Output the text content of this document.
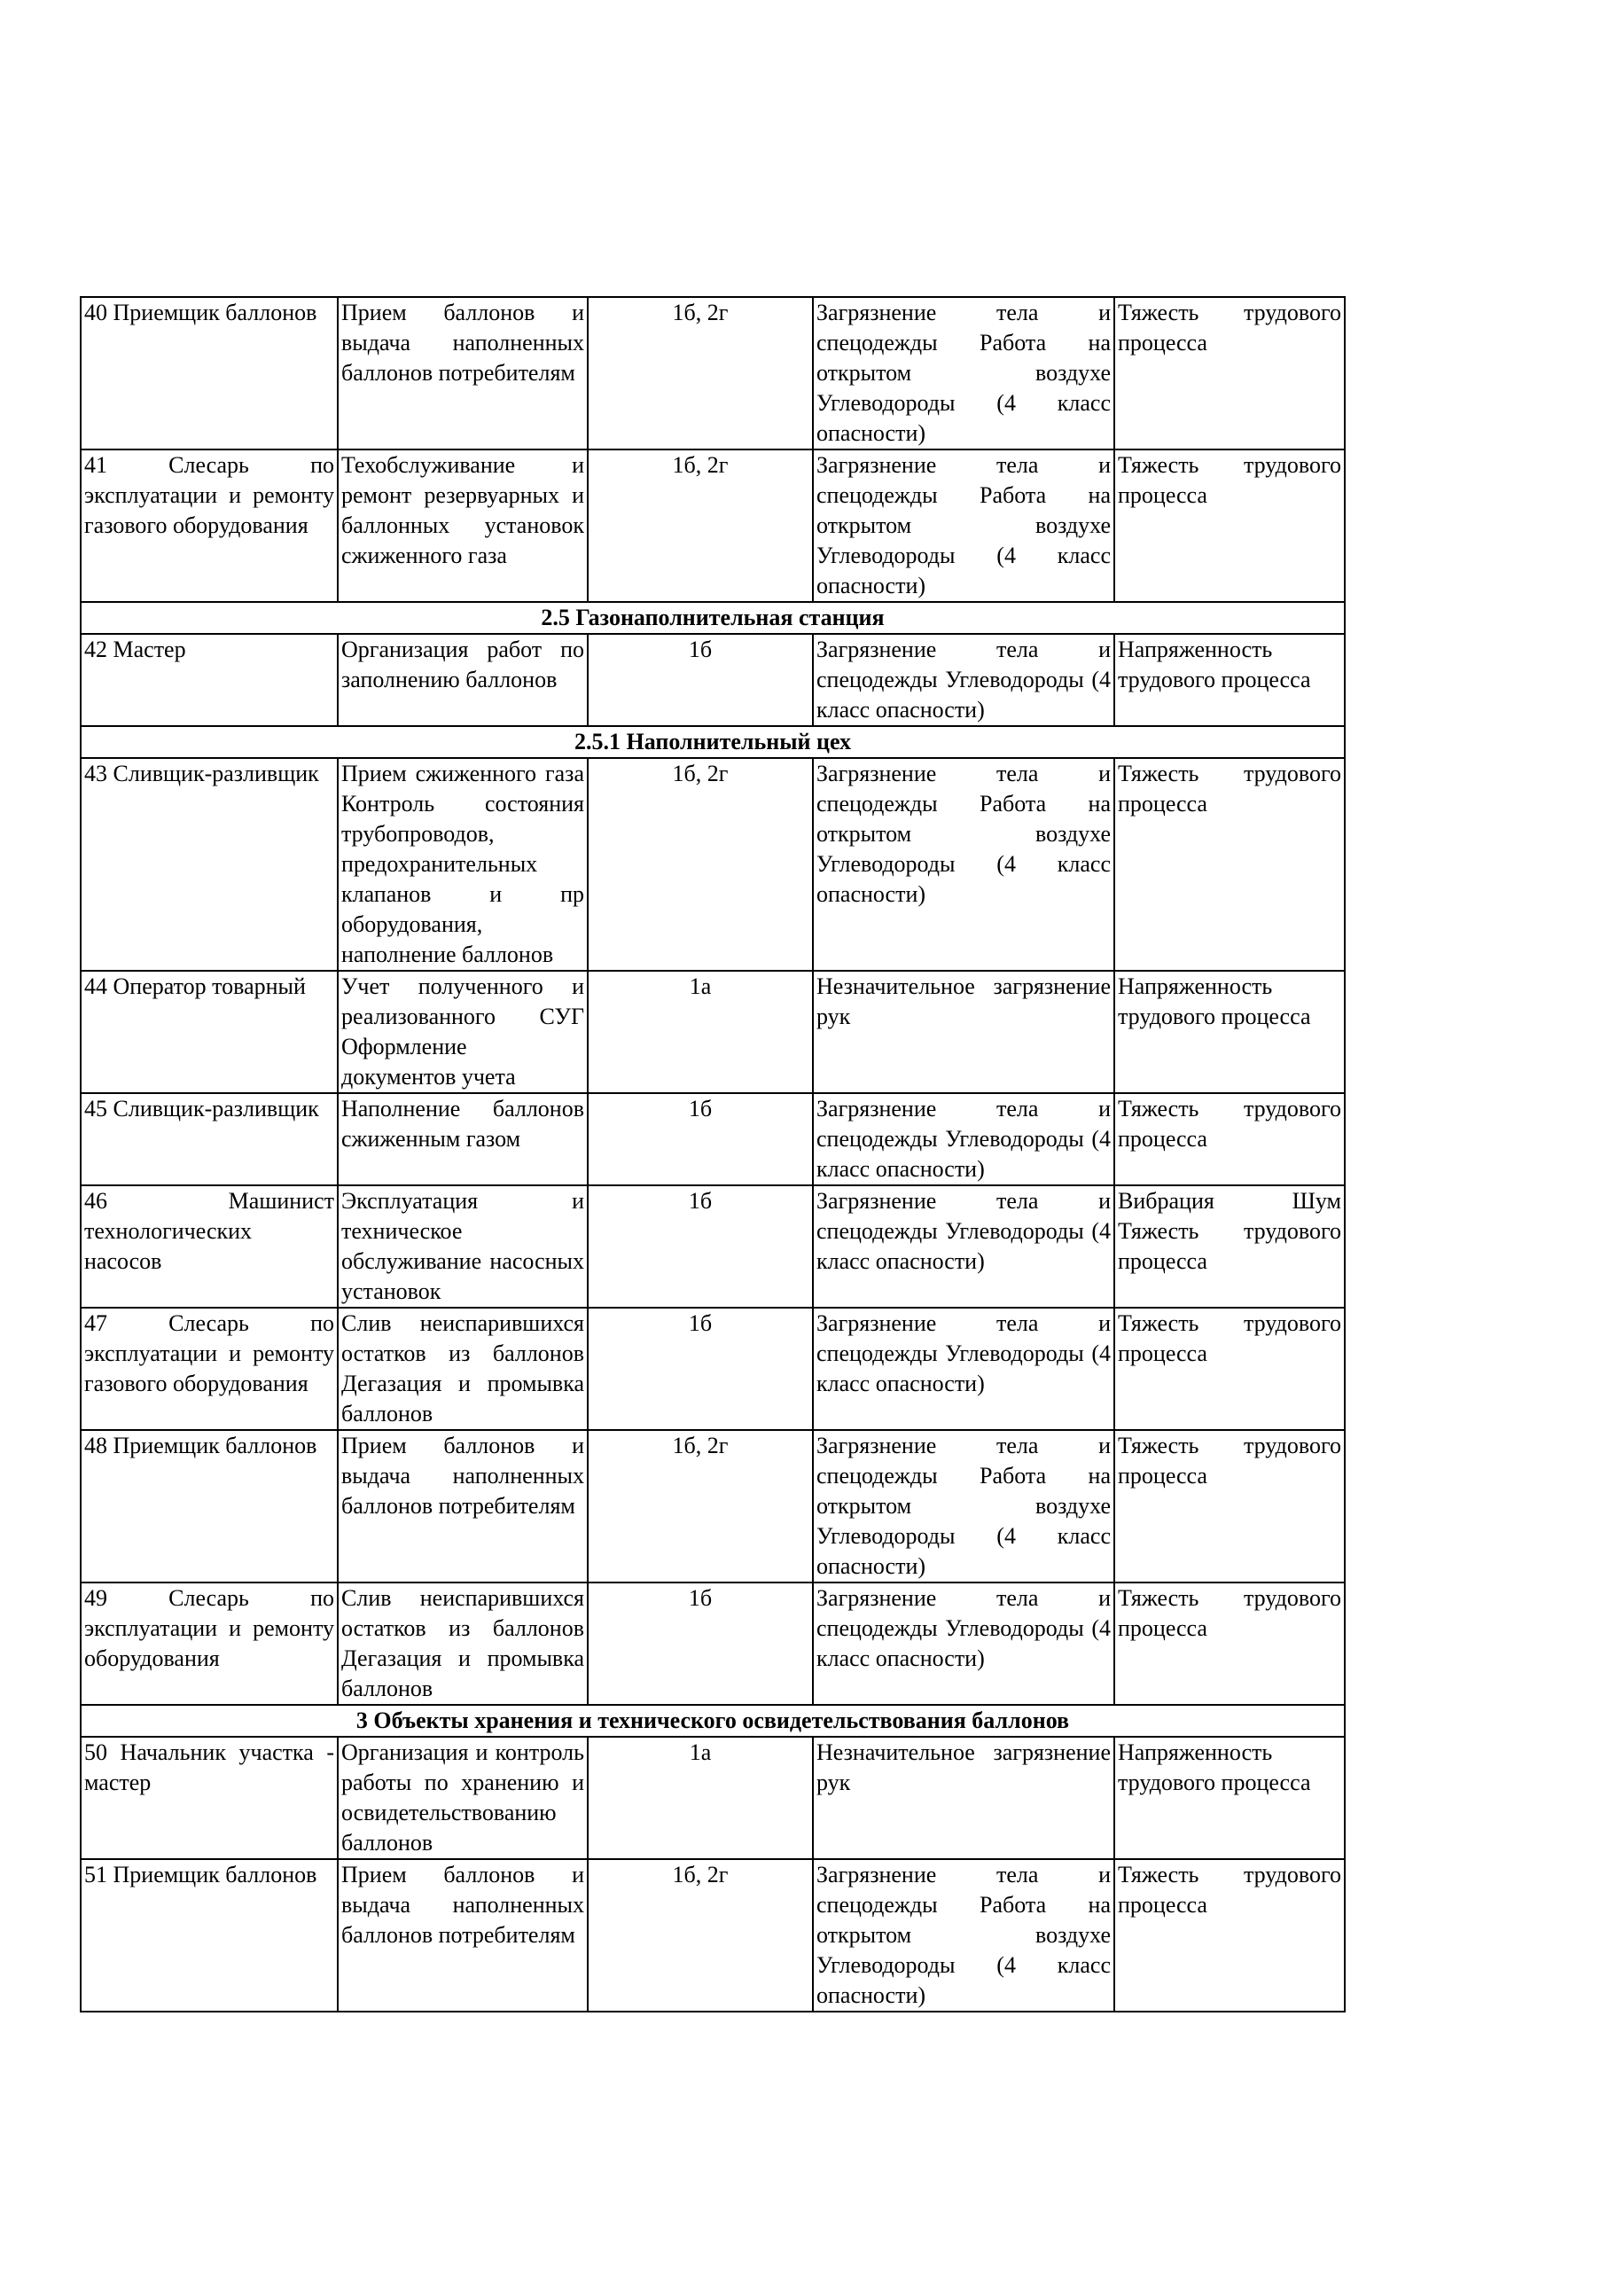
40 Приемщик баллонов	Прием баллонов и выдача наполненных баллонов потребителям	1б, 2г	Загрязнение тела и спецодежды Работа на открытом воздухе Углеводороды (4 класс опасности)	Тяжесть трудового процесса
41 Слесарь по эксплуатации и ремонту газового оборудования	Техобслуживание и ремонт резервуарных и баллонных установок сжиженного газа	1б, 2г	Загрязнение тела и спецодежды Работа на открытом воздухе Углеводороды (4 класс опасности)	Тяжесть трудового процесса
2.5 Газонаполнительная станция				
42 Мастер	Организация работ по заполнению баллонов	1б	Загрязнение тела и спецодежды Углеводороды (4 класс опасности)	Напряженность трудового процесса
2.5.1 Наполнительный цех				
43 Сливщик-разливщик	Прием сжиженного газа Контроль состояния трубопроводов, предохранительных клапанов и пр оборудования, наполнение баллонов	1б, 2г	Загрязнение тела и спецодежды Работа на открытом воздухе Углеводороды (4 класс опасности)	Тяжесть трудового процесса
44 Оператор товарный	Учет полученного и реализованного СУГ Оформление документов учета	1а	Незначительное загрязнение рук	Напряженность трудового процесса
45 Сливщик-разливщик	Наполнение баллонов сжиженным газом	1б	Загрязнение тела и спецодежды Углеводороды (4 класс опасности)	Тяжесть трудового процесса
46 Машинист технологических насосов	Эксплуатация и техническое обслуживание насосных установок	1б	Загрязнение тела и спецодежды Углеводороды (4 класс опасности)	Вибрация Шум Тяжесть трудового процесса
47 Слесарь по эксплуатации и ремонту газового оборудования	Слив неиспарившихся остатков из баллонов Дегазация и промывка баллонов	1б	Загрязнение тела и спецодежды Углеводороды (4 класс опасности)	Тяжесть трудового процесса
48 Приемщик баллонов	Прием баллонов и выдача наполненных баллонов потребителям	1б, 2г	Загрязнение тела и спецодежды Работа на открытом воздухе Углеводороды (4 класс опасности)	Тяжесть трудового процесса
49 Слесарь по эксплуатации и ремонту оборудования	Слив неиспарившихся остатков из баллонов Дегазация и промывка баллонов	1б	Загрязнение тела и спецодежды Углеводороды (4 класс опасности)	Тяжесть трудового процесса
3 Объекты хранения и технического освидетельствования баллонов				
50 Начальник участка - мастер	Организация и контроль работы по хранению и освидетельствованию баллонов	1а	Незначительное загрязнение рук	Напряженность трудового процесса
51 Приемщик баллонов	Прием баллонов и выдача наполненных баллонов потребителям	1б, 2г	Загрязнение тела и спецодежды Работа на открытом воздухе Углеводороды (4 класс опасности)	Тяжесть трудового процесса
